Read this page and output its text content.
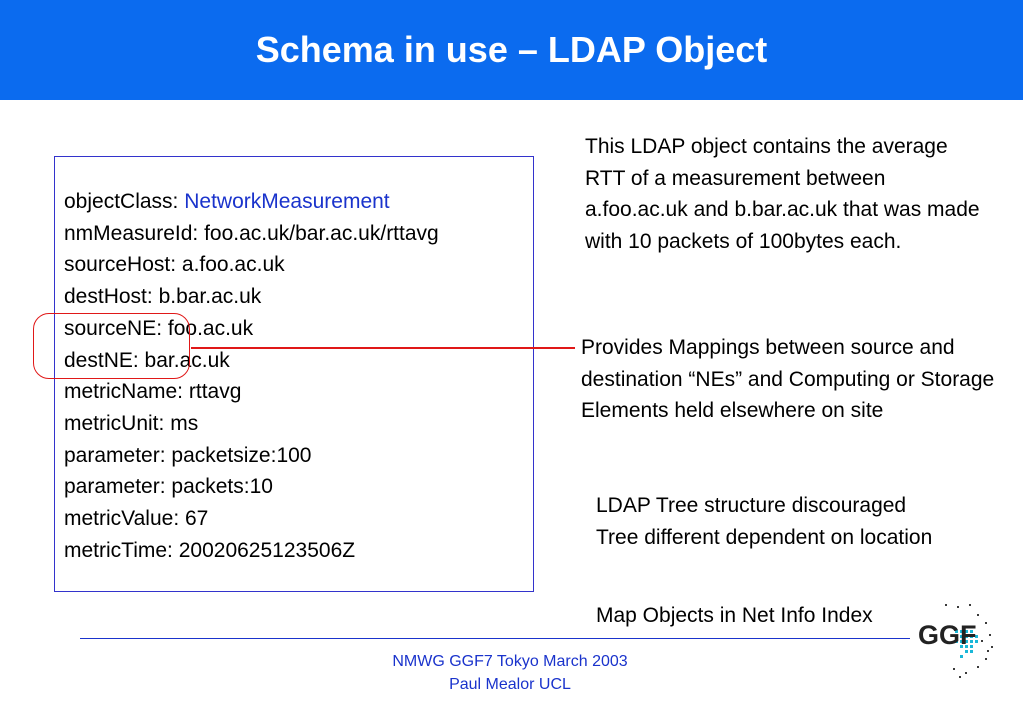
Schema in use – LDAP Object
objectClass: NetworkMeasurement
nmMeasureId: foo.ac.uk/bar.ac.uk/rttavg
sourceHost: a.foo.ac.uk
destHost: b.bar.ac.uk
sourceNE: foo.ac.uk
destNE: bar.ac.uk
metricName: rttavg
metricUnit: ms
parameter: packetsize:100
parameter: packets:10
metricValue: 67
metricTime: 20020625123506Z

This LDAP object contains the average RTT of a measurement between a.foo.ac.uk and b.bar.ac.uk that was made with 10 packets of 100bytes each.

Provides Mappings between source and destination “NEs” and Computing or Storage Elements held elsewhere on site

LDAP Tree structure discouraged
Tree different dependent on location
Map Objects in Net Info Index
NMWG GGF7 Tokyo March 2003
Paul Mealor UCL
GGF
